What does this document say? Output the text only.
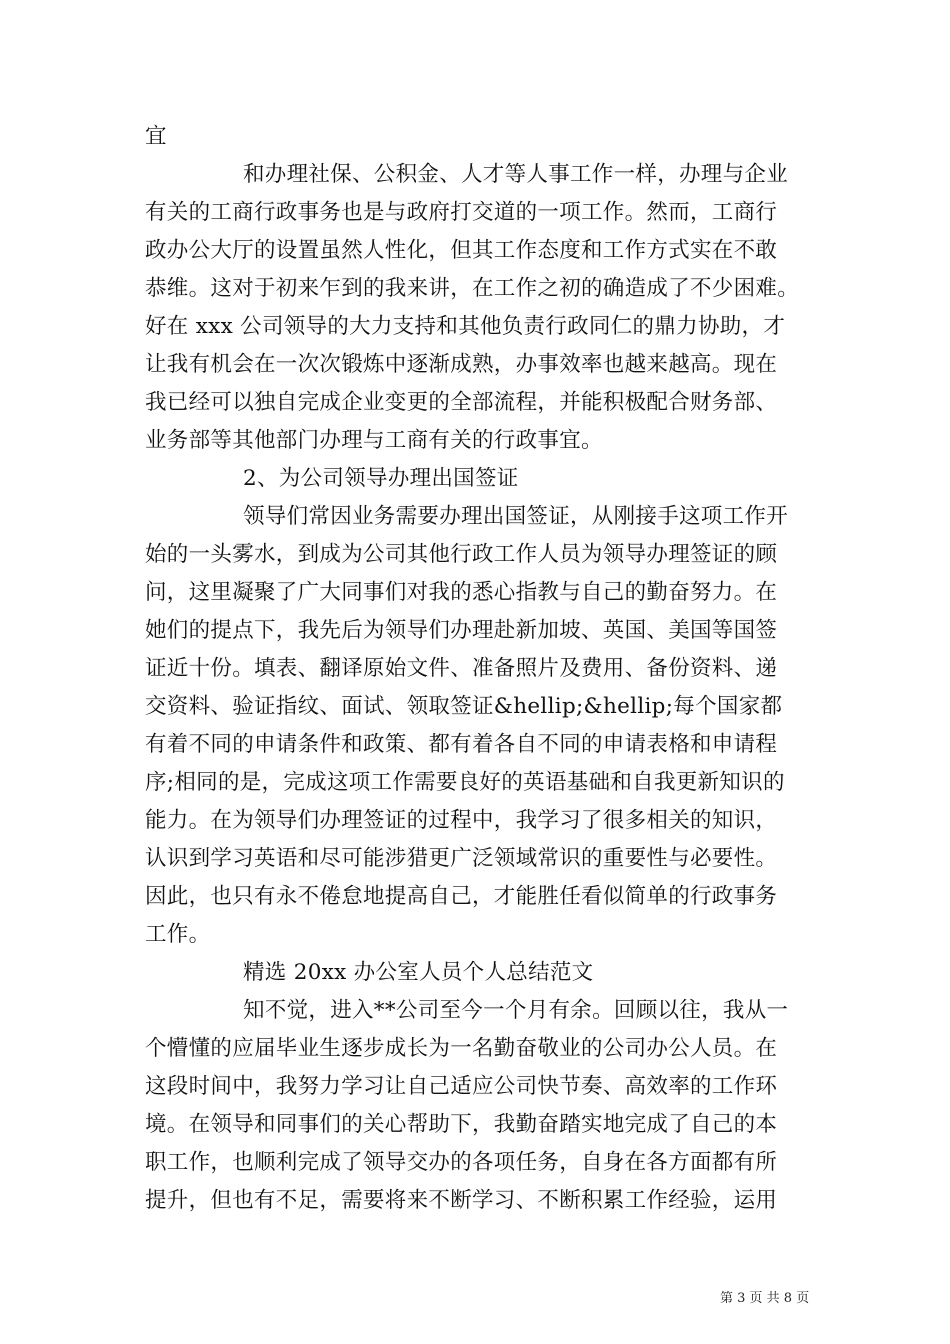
宜
和办理社保、公积金、人才等人事工作一样，办理与企业
有关的工商行政事务也是与政府打交道的一项工作。然而，工商行
政办公大厅的设置虽然人性化，但其工作态度和工作方式实在不敢
恭维。这对于初来乍到的我来讲，在工作之初的确造成了不少困难。
好在 xxx 公司领导的大力支持和其他负责行政同仁的鼎力协助，才
让我有机会在一次次锻炼中逐渐成熟，办事效率也越来越高。现在
我已经可以独自完成企业变更的全部流程，并能积极配合财务部、
业务部等其他部门办理与工商有关的行政事宜。
2、为公司领导办理出国签证
领导们常因业务需要办理出国签证，从刚接手这项工作开
始的一头雾水，到成为公司其他行政工作人员为领导办理签证的顾
问，这里凝聚了广大同事们对我的悉心指教与自己的勤奋努力。在
她们的提点下，我先后为领导们办理赴新加坡、英国、美国等国签
证近十份。填表、翻译原始文件、准备照片及费用、备份资料、递
交资料、验证指纹、面试、领取签证&hellip;&hellip;每个国家都
有着不同的申请条件和政策、都有着各自不同的申请表格和申请程
序;相同的是，完成这项工作需要良好的英语基础和自我更新知识的
能力。在为领导们办理签证的过程中，我学习了很多相关的知识，
认识到学习英语和尽可能涉猎更广泛领域常识的重要性与必要性。
因此，也只有永不倦怠地提高自己，才能胜任看似简单的行政事务
工作。
精选 20xx 办公室人员个人总结范文
知不觉，进入**公司至今一个月有余。回顾以往，我从一
个懵懂的应届毕业生逐步成长为一名勤奋敬业的公司办公人员。在
这段时间中，我努力学习让自己适应公司快节奏、高效率的工作环
境。在领导和同事们的关心帮助下，我勤奋踏实地完成了自己的本
职工作，也顺利完成了领导交办的各项任务，自身在各方面都有所
提升，但也有不足，需要将来不断学习、不断积累工作经验，运用
第 3 页 共 8 页
